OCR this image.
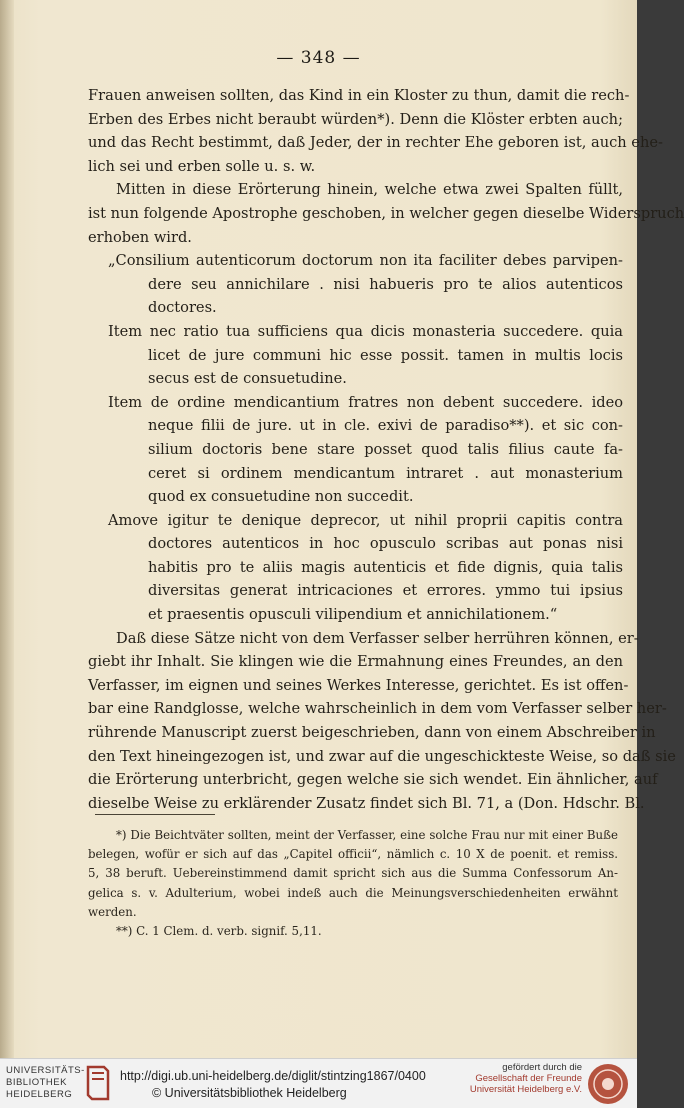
— 348 —
Frauen anweisen sollten, das Kind in ein Kloster zu thun, damit die rech-
Erben des Erbes nicht beraubt würden*). Denn die Klöster erbten auch;
und das Recht bestimmt, daß Jeder, der in rechter Ehe geboren ist, auch ehe-
lich sei und erben solle u. s. w.
Mitten in diese Erörterung hinein, welche etwa zwei Spalten füllt,
ist nun folgende Apostrophe geschoben, in welcher gegen dieselbe Widerspruch
erhoben wird.
„Consilium autenticorum doctorum non ita faciliter debes parvipen-
dere seu annichilare . nisi habueris pro te alios autenticos
doctores.
Item nec ratio tua sufficiens qua dicis monasteria succedere. quia
licet de jure communi hic esse possit. tamen in multis locis
secus est de consuetudine.
Item de ordine mendicantium fratres non debent succedere. ideo
neque filii de jure. ut in cle. exivi de paradiso**). et sic con-
silium doctoris bene stare posset quod talis filius caute fa-
ceret si ordinem mendicantum intraret . aut monasterium
quod ex consuetudine non succedit.
Amove igitur te denique deprecor, ut nihil proprii capitis contra
doctores autenticos in hoc opusculo scribas aut ponas nisi
habitis pro te aliis magis autenticis et fide dignis, quia talis
diversitas generat intricaciones et errores. ymmo tui ipsius
et praesentis opusculi vilipendium et annichilationem.“
Daß diese Sätze nicht von dem Verfasser selber herrühren können, er-
giebt ihr Inhalt. Sie klingen wie die Ermahnung eines Freundes, an den
Verfasser, im eignen und seines Werkes Interesse, gerichtet. Es ist offen-
bar eine Randglosse, welche wahrscheinlich in dem vom Verfasser selber her-
rührende Manuscript zuerst beigeschrieben, dann von einem Abschreiber in
den Text hineingezogen ist, und zwar auf die ungeschickteste Weise, so daß sie
die Erörterung unterbricht, gegen welche sie sich wendet. Ein ähnlicher, auf
dieselbe Weise zu erklärender Zusatz findet sich Bl. 71, a (Don. Hdschr. Bl.
*) Die Beichtväter sollten, meint der Verfasser, eine solche Frau nur mit einer Buße
belegen, wofür er sich auf das „Capitel officii“, nämlich c. 10 X de poenit. et remiss.
5, 38 beruft. Uebereinstimmend damit spricht sich aus die Summa Confessorum An-
gelica s. v. Adulterium, wobei indeß auch die Meinungsverschiedenheiten erwähnt
werden.
**) C. 1 Clem. d. verb. signif. 5,11.
UNIVERSITÄTS-
BIBLIOTHEK
HEIDELBERG
http://digi.ub.uni-heidelberg.de/diglit/stintzing1867/0400
© Universitätsbibliothek Heidelberg
gefördert durch die
Gesellschaft der Freunde
Universität Heidelberg e.V.
